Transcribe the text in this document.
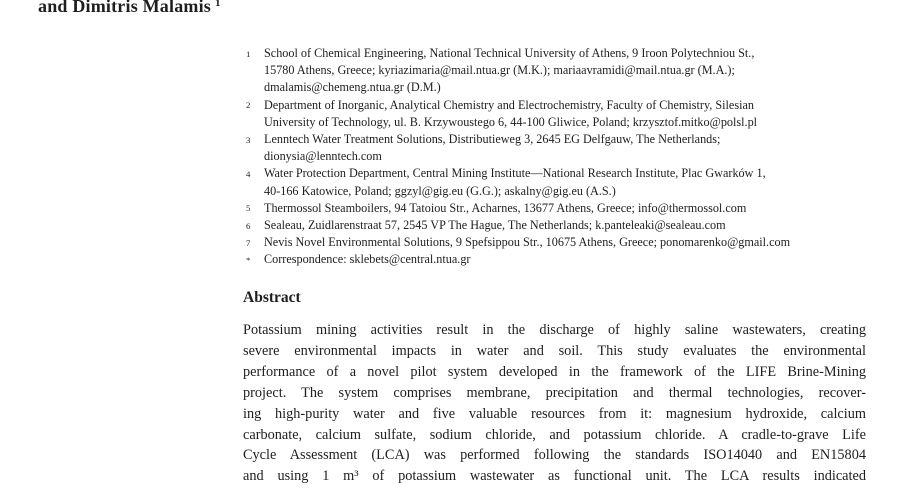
and Dimitris Malamis $^1$
1 School of Chemical Engineering, National Technical University of Athens, 9 Iroon Polytechniou St.,
15780 Athens, Greece; kyriazimaria@mail.ntua.gr (M.K.); mariaavramidi@mail.ntua.gr (M.A.);
dmalamis@chemeng.ntua.gr (D.M.)
2 Department of Inorganic, Analytical Chemistry and Electrochemistry, Faculty of Chemistry, Silesian
University of Technology, ul. B. Krzywoustego 6, 44-100 Gliwice, Poland; krzysztof.mitko@polsl.pl
3 Lenntech Water Treatment Solutions, Distributieweg 3, 2645 EG Delfgauw, The Netherlands;
dionysia@lenntech.com
4 Water Protection Department, Central Mining Institute—National Research Institute, Plac Gwarków 1,
40-166 Katowice, Poland; ggzyl@gig.eu (G.G.); askalny@gig.eu (A.S.)
5 Thermossol Steamboilers, 94 Tatoiou Str., Acharnes, 13677 Athens, Greece; info@thermossol.com
6 Sealeau, Zuidlarenstraat 57, 2545 VP The Hague, The Netherlands; k.panteleaki@sealeau.com
7 Nevis Novel Environmental Solutions, 9 Spefsippou Str., 10675 Athens, Greece; ponomarenko@gmail.com
* Correspondence: sklebets@central.ntua.gr
Abstract
Potassium mining activities result in the discharge of highly saline wastewaters, creating
severe environmental impacts in water and soil. This study evaluates the environmental
performance of a novel pilot system developed in the framework of the LIFE Brine-Mining
project. The system comprises membrane, precipitation and thermal technologies, recover-
ing high-purity water and five valuable resources from it: magnesium hydroxide, calcium
carbonate, calcium sulfate, sodium chloride, and potassium chloride. A cradle-to-grave Life
Cycle Assessment (LCA) was performed following the standards ISO14040 and EN15804
and using 1 m³ of potassium wastewater as functional unit. The LCA results indicated
